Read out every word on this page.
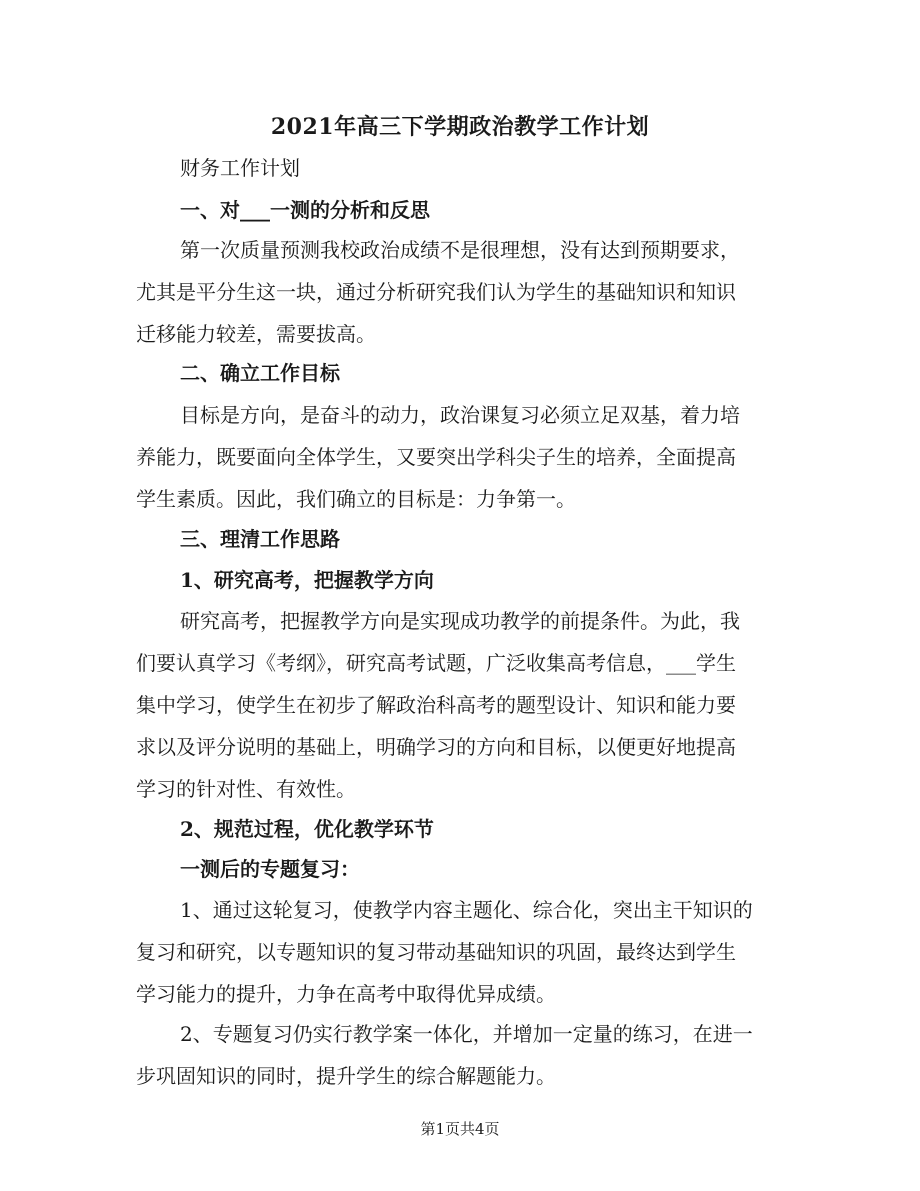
2021年高三下学期政治教学工作计划
财务工作计划
一、对___一测的分析和反思
第一次质量预测我校政治成绩不是很理想，没有达到预期要求，
尤其是平分生这一块，通过分析研究我们认为学生的基础知识和知识
迁移能力较差，需要拔高。
二、确立工作目标
目标是方向，是奋斗的动力，政治课复习必须立足双基，着力培
养能力，既要面向全体学生，又要突出学科尖子生的培养，全面提高
学生素质。因此，我们确立的目标是：力争第一。
三、理清工作思路
1、研究高考，把握教学方向
研究高考，把握教学方向是实现成功教学的前提条件。为此，我
们要认真学习《考纲》，研究高考试题，广泛收集高考信息，___学生
集中学习，使学生在初步了解政治科高考的题型设计、知识和能力要
求以及评分说明的基础上，明确学习的方向和目标，以便更好地提高
学习的针对性、有效性。
2、规范过程，优化教学环节
一测后的专题复习：
1、通过这轮复习，使教学内容主题化、综合化，突出主干知识的
复习和研究，以专题知识的复习带动基础知识的巩固，最终达到学生
学习能力的提升，力争在高考中取得优异成绩。
2、专题复习仍实行教学案一体化，并增加一定量的练习，在进一
步巩固知识的同时，提升学生的综合解题能力。
第1页共4页
